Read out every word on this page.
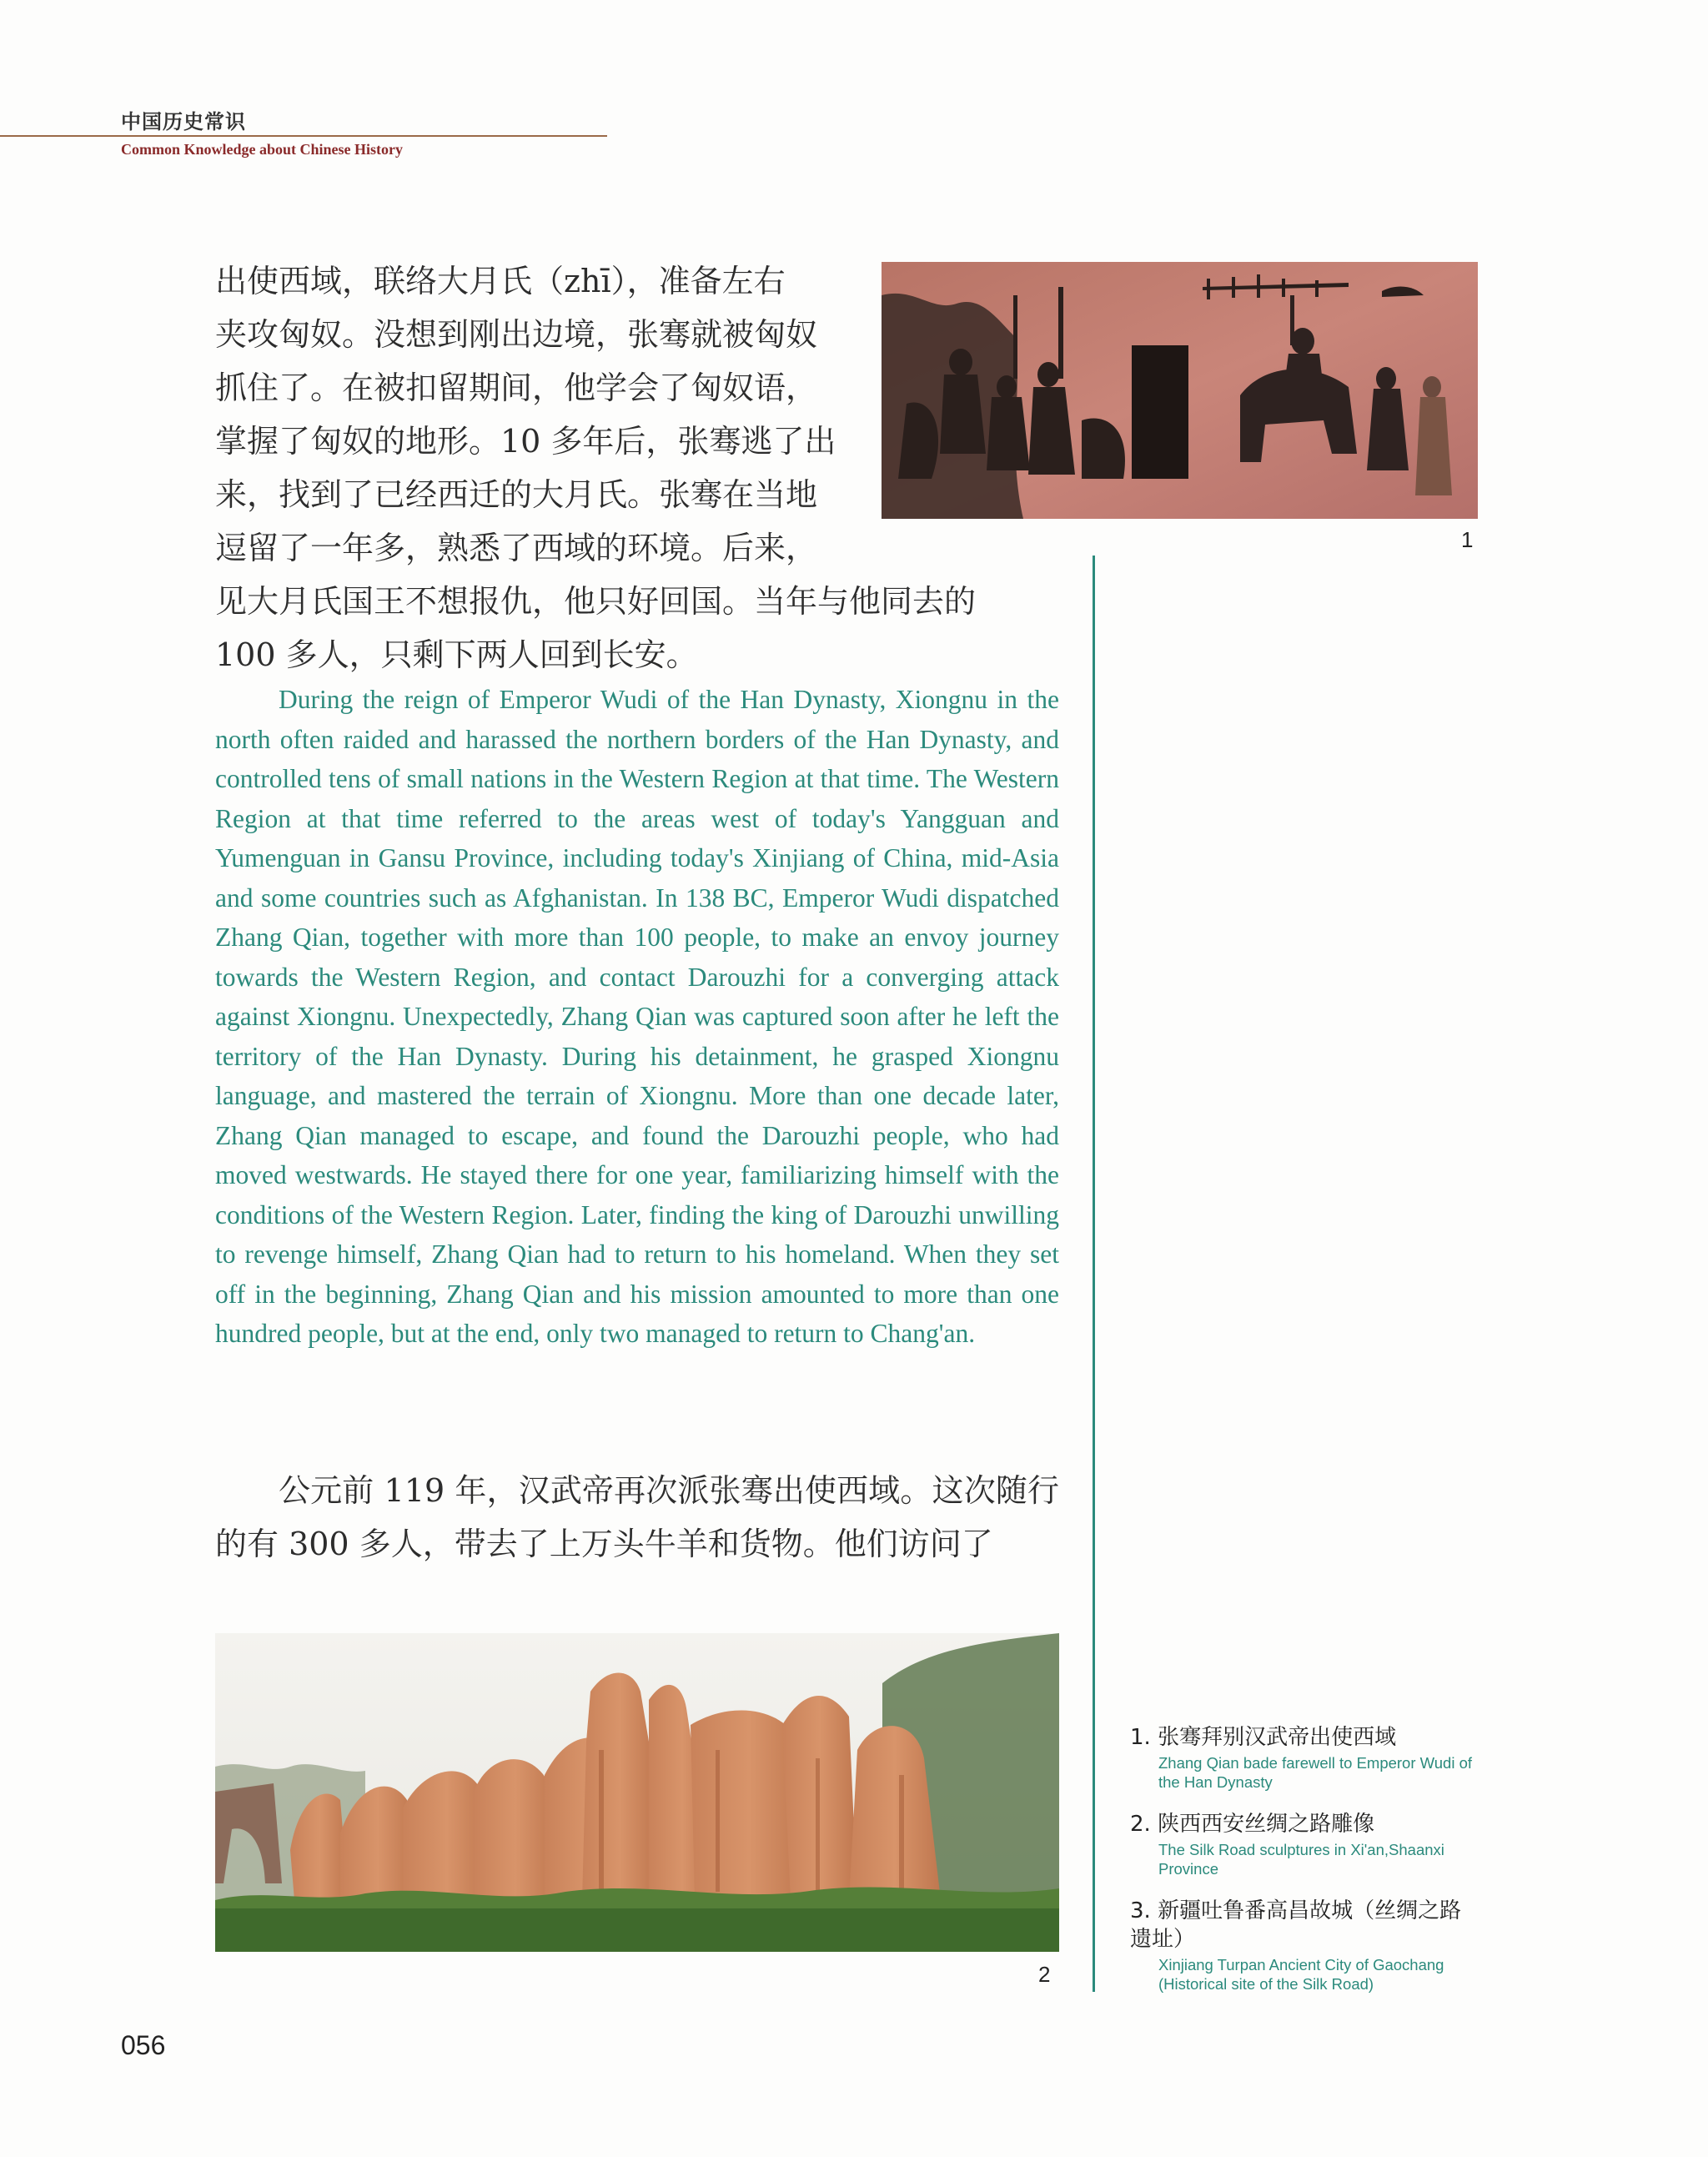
中国历史常识
Common Knowledge about Chinese History
出使西域，联络大月氏（zhī），准备左右
夹攻匈奴。没想到刚出边境，张骞就被匈奴
抓住了。在被扣留期间，他学会了匈奴语，
掌握了匈奴的地形。10 多年后，张骞逃了出
来，找到了已经西迁的大月氏。张骞在当地
逗留了一年多，熟悉了西域的环境。后来，
见大月氏国王不想报仇，他只好回国。当年与他同去的
100 多人，只剩下两人回到长安。
1

During the reign of Emperor Wudi of the Han Dynasty, Xiongnu in the north often raided and harassed the northern borders of the Han Dynasty, and controlled tens of small nations in the Western Region at that time. The Western Region at that time referred to the areas west of today's Yangguan and Yumenguan in Gansu Province, including today's Xinjiang of China, mid-Asia and some countries such as Afghanistan. In 138 BC, Emperor Wudi dispatched Zhang Qian, together with more than 100 people, to make an envoy journey towards the Western Region, and contact Darouzhi for a converging attack against Xiongnu. Unexpectedly, Zhang Qian was captured soon after he left the territory of the Han Dynasty. During his detainment, he grasped Xiongnu language, and mastered the terrain of Xiongnu. More than one decade later, Zhang Qian managed to escape, and found the Darouzhi people, who had moved westwards. He stayed there for one year, familiarizing himself with the conditions of the Western Region. Later, finding the king of Darouzhi unwilling to revenge himself, Zhang Qian had to return to his homeland. When they set off in the beginning, Zhang Qian and his mission amounted to more than one hundred people, but at the end, only two managed to return to Chang'an.

公元前 119 年，汉武帝再次派张骞出使西域。这次随行的有 300 多人，带去了上万头牛羊和货物。他们访问了

2
1. 张骞拜别汉武帝出使西域
Zhang Qian bade farewell to Emperor Wudi of the Han Dynasty
2. 陕西西安丝绸之路雕像
The Silk Road sculptures in Xi'an,Shaanxi Province
3. 新疆吐鲁番高昌故城（丝绸之路遗址）
Xinjiang Turpan Ancient City of Gaochang (Historical site of the Silk Road)
056
